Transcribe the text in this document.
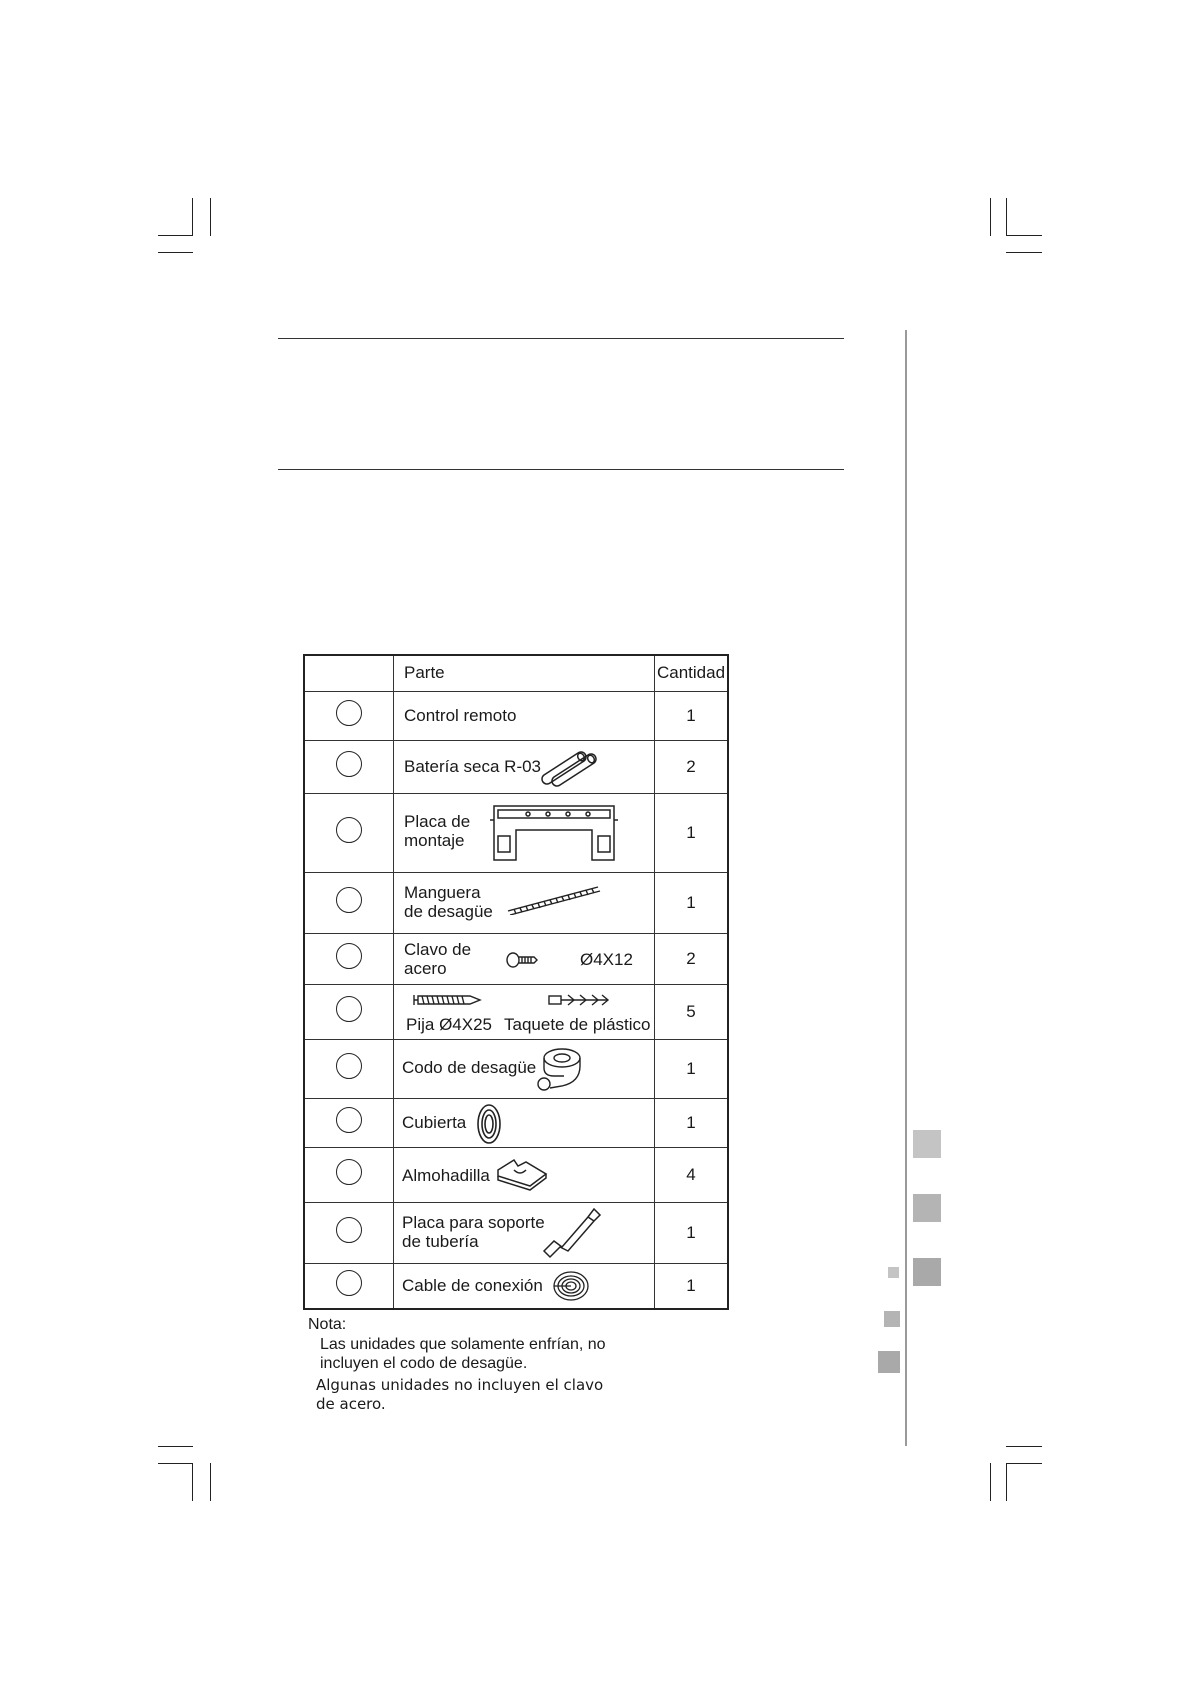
	Parte	Cantidad

	Control remoto	1

	Batería seca R-03	2

	Placa de
montaje	1

	Manguera
de desagüe	1

	Clavo de
acero Ø4X12	2

	Pija Ø4X25 Taquete de plástico	5

	Codo de desagüe	1

	Cubierta	1

	Almohadilla	4

	Placa para soporte
de tubería	1

	Cable de conexión	1
Nota:
Las unidades que solamente enfrían, no
incluyen el codo de desagüe.
Algunas unidades no incluyen el clavo
de acero.
